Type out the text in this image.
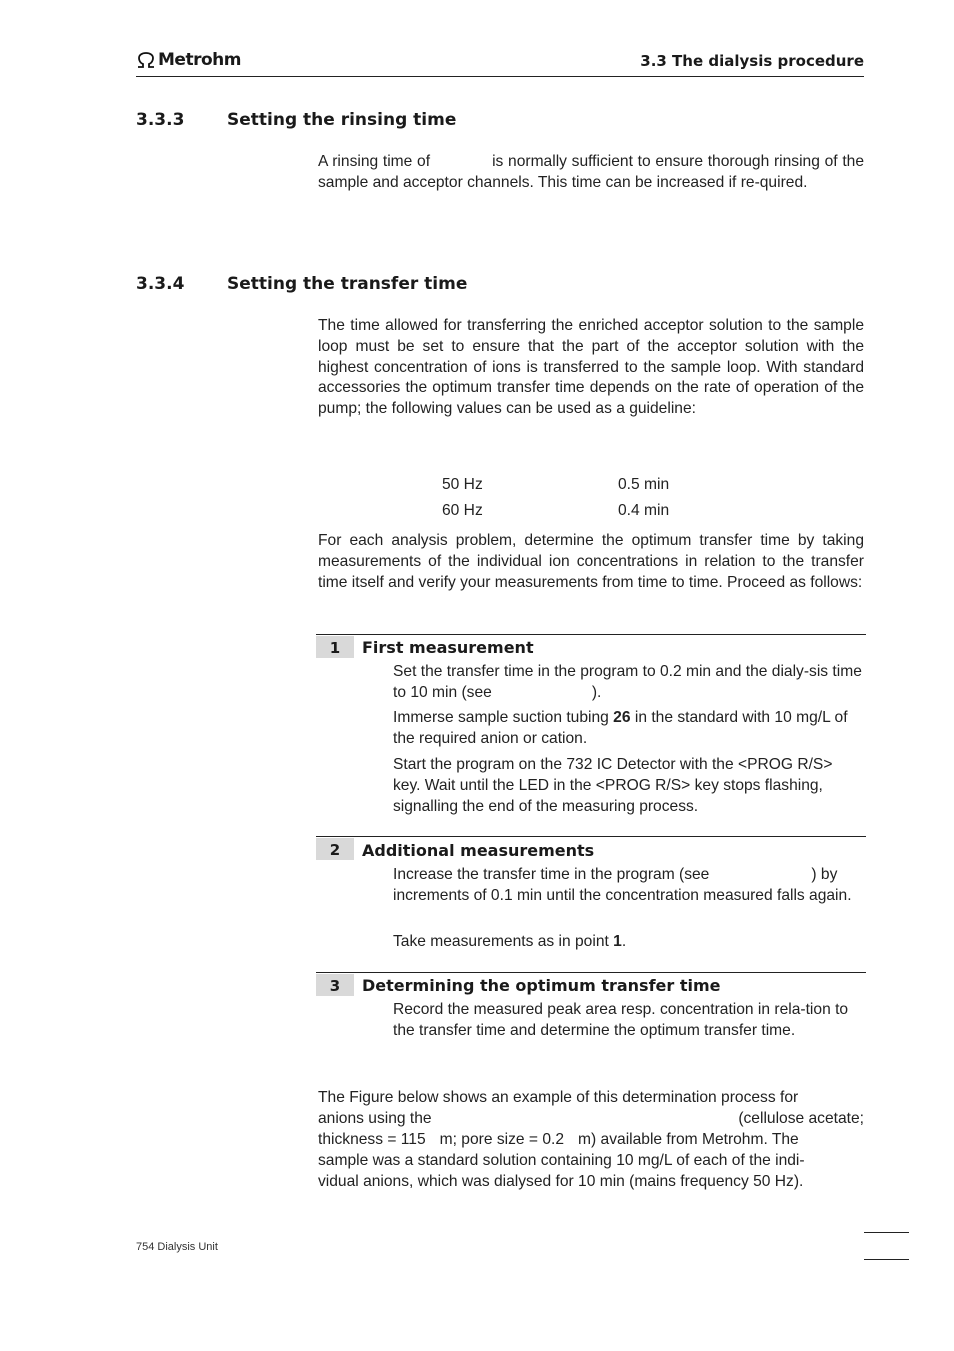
Metrohm	3.3 The dialysis procedure
3.3.3	Setting the rinsing time
A rinsing time of	is normally sufficient to ensure thorough rinsing of the sample and acceptor channels. This time can be increased if re-quired.
3.3.4	Setting the transfer time
The time allowed for transferring the enriched acceptor solution to the sample loop must be set to ensure that the part of the acceptor solution with the highest concentration of ions is transferred to the sample loop. With standard accessories the optimum transfer time depends on the rate of operation of the pump; the following values can be used as a guideline:
50 Hz	0.5 min
60 Hz	0.4 min
For each analysis problem, determine the optimum transfer time by taking measurements of the individual ion concentrations in relation to the transfer time itself and verify your measurements from time to time. Proceed as follows:
1	First measurement
Set the transfer time in the program to 0.2 min and the dialy-sis time to 10 min (see	).
Immerse sample suction tubing 26 in the standard with 10 mg/L of the required anion or cation.
Start the program on the 732 IC Detector with the <PROG R/S> key. Wait until the LED in the <PROG R/S> key stops flashing, signalling the end of the measuring process.
2	Additional measurements
Increase the transfer time in the program (see	) by increments of 0.1 min until the concentration measured falls again.
Take measurements as in point 1.
3	Determining the optimum transfer time
Record the measured peak area resp. concentration in rela-tion to the transfer time and determine the optimum transfer time.
The Figure below shows an example of this determination process for
anions using the	(cellulose acetate;
thickness = 115 m; pore size = 0.2 m) available from Metrohm. The
sample was a standard solution containing 10 mg/L of each of the indi-
vidual anions, which was dialysed for 10 min (mains frequency 50 Hz).
754 Dialysis Unit
